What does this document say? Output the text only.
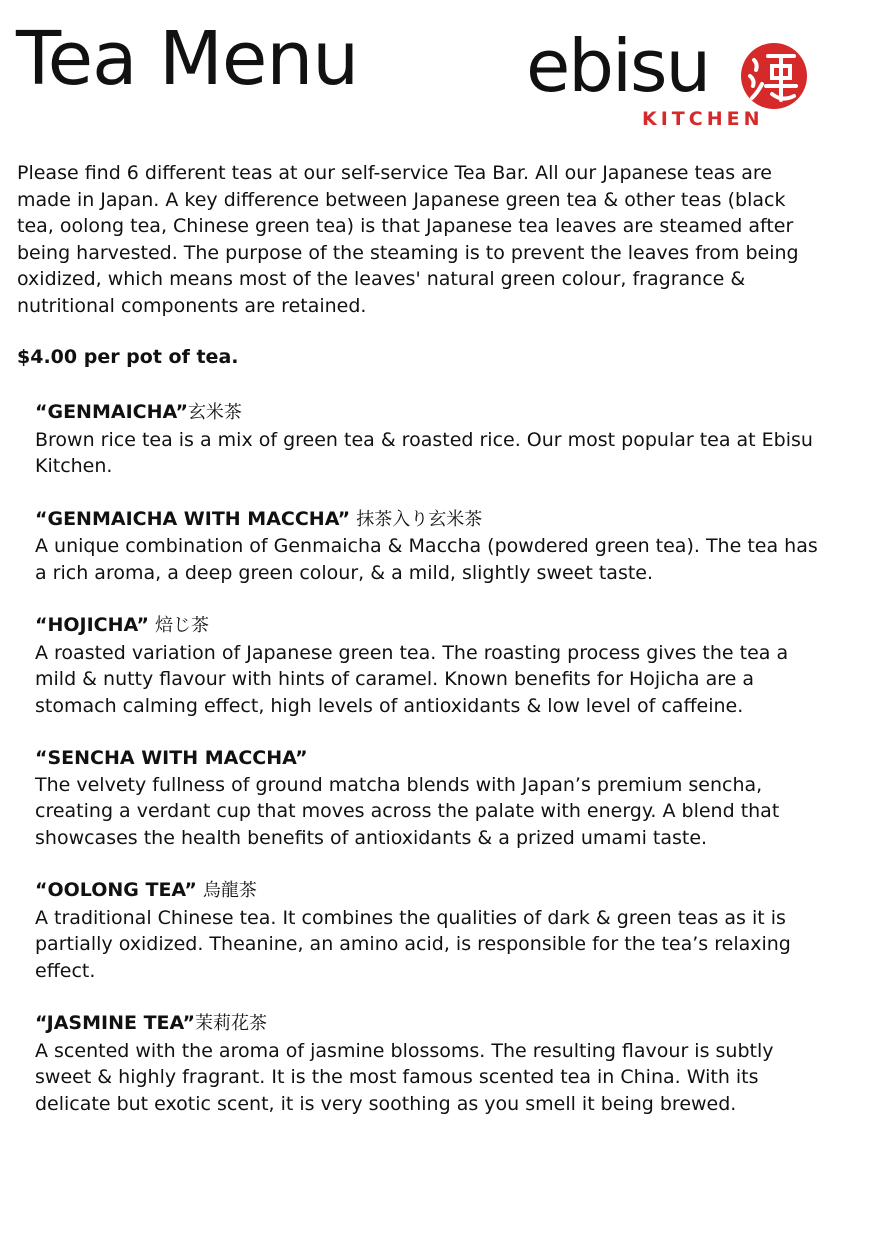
Tea Menu ebisu
KITCHEN

Please find 6 different teas at our self-service Tea Bar. All our Japanese teas are made in Japan. A key difference between Japanese green tea & other teas (black tea, oolong tea, Chinese green tea) is that Japanese tea leaves are steamed after being harvested. The purpose of the steaming is to prevent the leaves from being oxidized, which means most of the leaves' natural green colour, fragrance & nutritional components are retained.

$4.00 per pot of tea.

“GENMAICHA”玄米茶

Brown rice tea is a mix of green tea & roasted rice. Our most popular tea at Ebisu Kitchen.

“GENMAICHA WITH MACCHA” 抹茶入り玄米茶

A unique combination of Genmaicha & Maccha (powdered green tea). The tea has a rich aroma, a deep green colour, & a mild, slightly sweet taste.

“HOJICHA” 焙じ茶

A roasted variation of Japanese green tea. The roasting process gives the tea a mild & nutty flavour with hints of caramel. Known benefits for Hojicha are a stomach calming effect, high levels of antioxidants & low level of caffeine.

“SENCHA WITH MACCHA”

The velvety fullness of ground matcha blends with Japan’s premium sencha, creating a verdant cup that moves across the palate with energy. A blend that showcases the health benefits of antioxidants & a prized umami taste.

“OOLONG TEA” 烏龍茶

A traditional Chinese tea. It combines the qualities of dark & green teas as it is partially oxidized. Theanine, an amino acid, is responsible for the tea’s relaxing effect.

“JASMINE TEA”茉莉花茶

A scented with the aroma of jasmine blossoms. The resulting flavour is subtly sweet & highly fragrant. It is the most famous scented tea in China. With its delicate but exotic scent, it is very soothing as you smell it being brewed.
